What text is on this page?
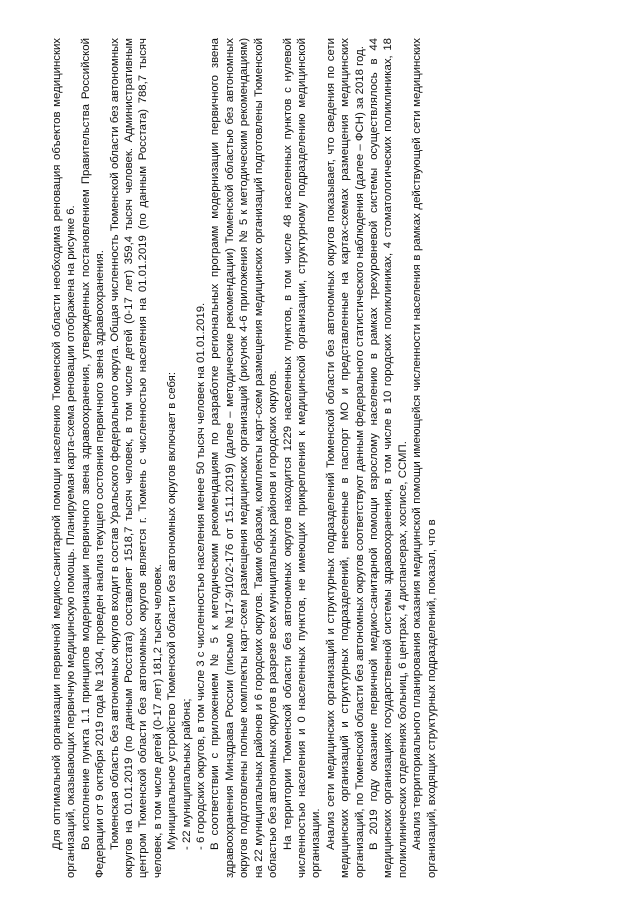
Для оптимальной организации первичной медико-санитарной помощи населению Тюменской области необходима реновация объектов медицинских организаций, оказывающих первичную медицинскую помощь. Планируемая карта-схема реновации отображена на рисунке 6. Во исполнение пункта 1.1 принципов модернизации первичного звена здравоохранения, утвержденных постановлением Правительства Российской Федерации от 9 октября 2019 года № 1304, проведен анализ текущего состояния первичного звена здравоохранения. Тюменская область без автономных округов входит в состав Уральского федерального округа. Общая численность Тюменской области без автономных округов на 01.01.2019 (по данным Росстата) составляет 1518,7 тысяч человек, в том числе детей (0-17 лет) 359,4 тысяч человек. Административным центром Тюменской области без автономных округов является г. Тюмень с численностью населения на 01.01.2019 (по данным Росстата) 788,7 тысяч человек, в том числе детей (0-17 лет) 181,2 тысяч человек. Муниципальное устройство Тюменской области без автономных округов включает в себя: - 22 муниципальных района; - 6 городских округов, в том числе 3 с численностью населения менее 50 тысяч человек на 01.01.2019. В соответствии с приложением № 5 к методическим рекомендациям по разработке региональных программ модернизации первичного звена здравоохранения Минздрава России (письмо №17-9/10/2-176 от 15.11.2019) (далее – методические рекомендации) Тюменской областью без автономных округов подготовлены полные комплекты карт-схем размещения медицинских организаций (рисунок 4-6 приложения № 5 к методическим рекомендациям) на 22 муниципальных районов и 6 городских округов. Таким образом, комплекты карт-схем размещения медицинских организаций подготовлены Тюменской областью без автономных округов в разрезе всех муниципальных районов и городских округов. На территории Тюменской области без автономных округов находится 1229 населенных пунктов, в том числе 48 населенных пунктов с нулевой численностью населения и 0 населенных пунктов, не имеющих прикрепления к медицинской организации, структурному подразделению медицинской организации. Анализ сети медицинских организаций и структурных подразделений Тюменской области без автономных округов показывает, что сведения по сети медицинских организаций и структурных подразделений, внесенные в паспорт МО и представленные на картах-схемах размещения медицинских организаций, по Тюменской области без автономных округов соответствуют данным федерального статистического наблюдения (далее – ФСН) за 2018 год. В 2019 году оказание первичной медико-санитарной помощи взрослому населению в рамках трехуровневой системы осуществлялось в 44 медицинских организациях государственной системы здравоохранения, в том числе в 10 городских поликлиниках, 4 стоматологических поликлиниках, 18 поликлинических отделениях больниц, 6 центрах, 4 диспансерах, хосписе, ССМП. Анализ территориального планирования оказания медицинской помощи имеющейся численности населения в рамках действующей сети медицинских организаций, входящих структурных подразделений, показал, что в
